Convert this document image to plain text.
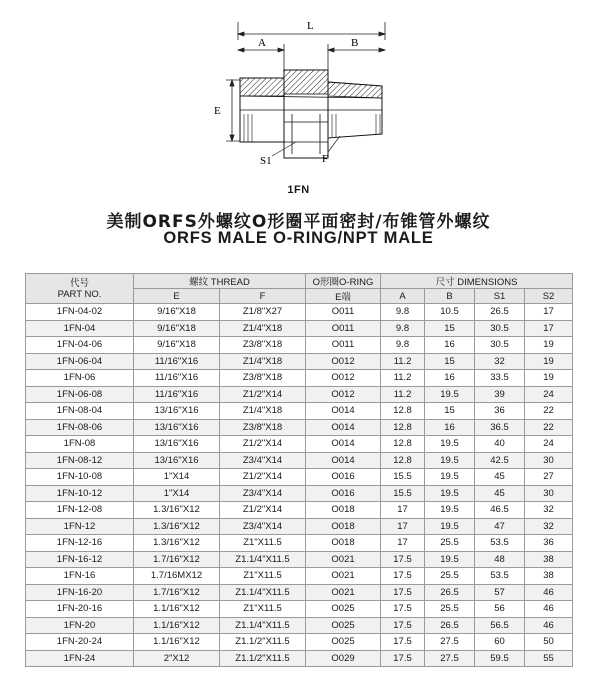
L
A	B
E
S1	F
1FN
美制ORFS外螺纹O形圈平面密封/布锥管外螺纹
ORFS MALE O-RING/NPT MALE
代号
PART NO.	螺纹 THREAD		O形圈O-RING	尺寸 DIMENSIONS			
	E	F	E端	A	B	S1	S2
1FN-04-02	9/16"X18	Z1/8"X27	O011	9.8	10.5	26.5	17
1FN-04	9/16"X18	Z1/4"X18	O011	9.8	15	30.5	17
1FN-04-06	9/16"X18	Z3/8"X18	O011	9.8	16	30.5	19
1FN-06-04	11/16"X16	Z1/4"X18	O012	11.2	15	32	19
1FN-06	11/16"X16	Z3/8"X18	O012	11.2	16	33.5	19
1FN-06-08	11/16"X16	Z1/2"X14	O012	11.2	19.5	39	24
1FN-08-04	13/16"X16	Z1/4"X18	O014	12.8	15	36	22
1FN-08-06	13/16"X16	Z3/8"X18	O014	12.8	16	36.5	22
1FN-08	13/16"X16	Z1/2"X14	O014	12.8	19.5	40	24
1FN-08-12	13/16"X16	Z3/4"X14	O014	12.8	19.5	42.5	30
1FN-10-08	1"X14	Z1/2"X14	O016	15.5	19.5	45	27
1FN-10-12	1"X14	Z3/4"X14	O016	15.5	19.5	45	30
1FN-12-08	1.3/16"X12	Z1/2"X14	O018	17	19.5	46.5	32
1FN-12	1.3/16"X12	Z3/4"X14	O018	17	19.5	47	32
1FN-12-16	1.3/16"X12	Z1"X11.5	O018	17	25.5	53.5	36
1FN-16-12	1.7/16"X12	Z1.1/4"X11.5	O021	17.5	19.5	48	38
1FN-16	1.7/16MX12	Z1"X11.5	O021	17.5	25.5	53.5	38
1FN-16-20	1.7/16"X12	Z1.1/4"X11.5	O021	17.5	26.5	57	46
1FN-20-16	1.1/16"X12	Z1"X11.5	O025	17.5	25.5	56	46
1FN-20	1.1/16"X12	Z1.1/4"X11.5	O025	17.5	26.5	56.5	46
1FN-20-24	1.1/16"X12	Z1.1/2"X11.5	O025	17.5	27.5	60	50
1FN-24	2"X12	Z1.1/2"X11.5	O029	17.5	27.5	59.5	55
